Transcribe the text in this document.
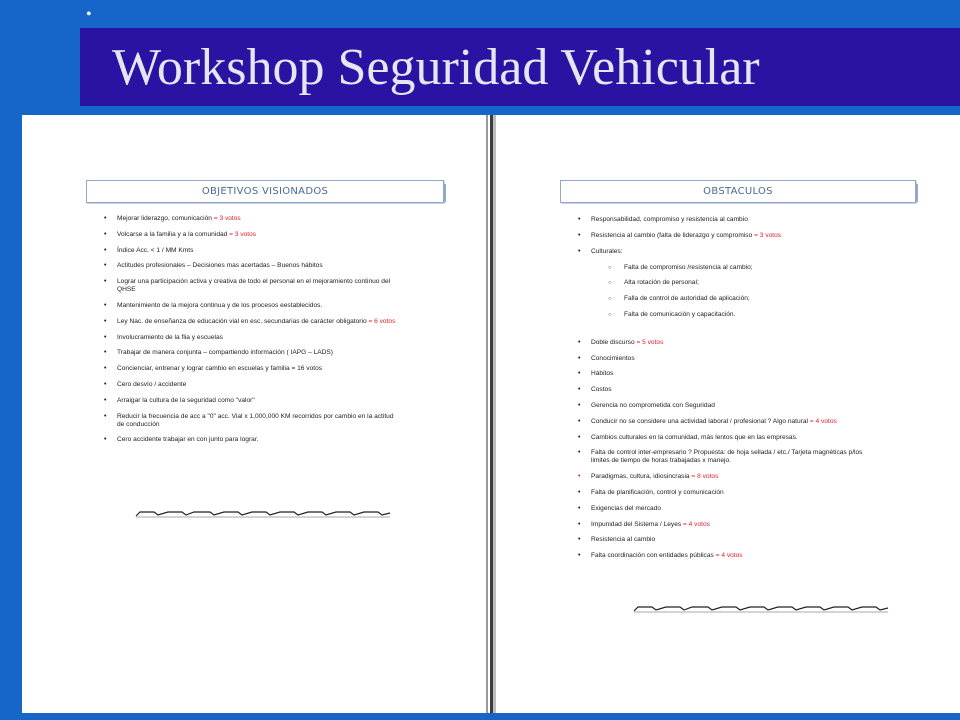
•
Workshop Seguridad Vehicular
OBJETIVOS VISIONADOS
• Mejorar liderazgo, comunicación = 3 votos
• Volcarse a la familia y a la comunidad = 3 votos
• Índice Acc. < 1 / MM Kmts
• Actitudes profesionales – Decisiones mas acertadas – Buenos hábitos
• Lograr una participación activa y creativa de todo el personal en el mejoramiento continuo del
QHSE
• Mantenimiento de la mejora continua y de los procesos eestablecidos.
• Ley Nac. de enseñanza de educación vial en esc. secundarias de carácter obligatorio = 6 votos
• Involucramiento de la flia y escuelas
• Trabajar de manera conjunta – compartiendo información ( IAPG – LADS)
• Concienciar, entrenar y lograr cambio en escuelas y familia = 16 votos
• Cero desvío / accidente
• Arraigar la cultura de la seguridad como "valor"
• Reducir la frecuencia de acc a "0" acc. Vial x 1,000,000 KM recorridos por cambio en la actitud
de conducción
• Cero accidente trabajar en con junto para lograr.
OBSTACULOS
• Responsabilidad, compromiso y resistencia al cambio
• Resistencia al cambio (falta de liderazgo y compromiso = 3 votos
• Culturales:
○ Falta de compromiso /resistencia al cambio;
○ Alta rotación de personal;
○ Falla de control de autoridad de aplicación;
○ Falta de comunicación y capacitación.
• Doble discurso = 5 votos
• Conocimientos
• Hábitos
• Costos
• Gerencia no comprometida con Seguridad
• Conducir no se considere una actividad laboral / profesional ? Algo natural = 4 votos
• Cambios culturales en la comunidad, más lentos que en las empresas.
• Falta de control inter-empresario ? Propuesta: de hoja sellada / etc./ Tarjeta magnéticas p/los
limites de tiempo de horas trabajadas x manejo.
• Paradigmas, cultura, idiosincrasia = 8 votos
• Falta de planificación, control y comunicación
• Exigencias del mercado
• Impunidad del Sistema / Leyes = 4 votos
• Resistencia al cambio
• Falta coordinación con entidades públicas = 4 votos
